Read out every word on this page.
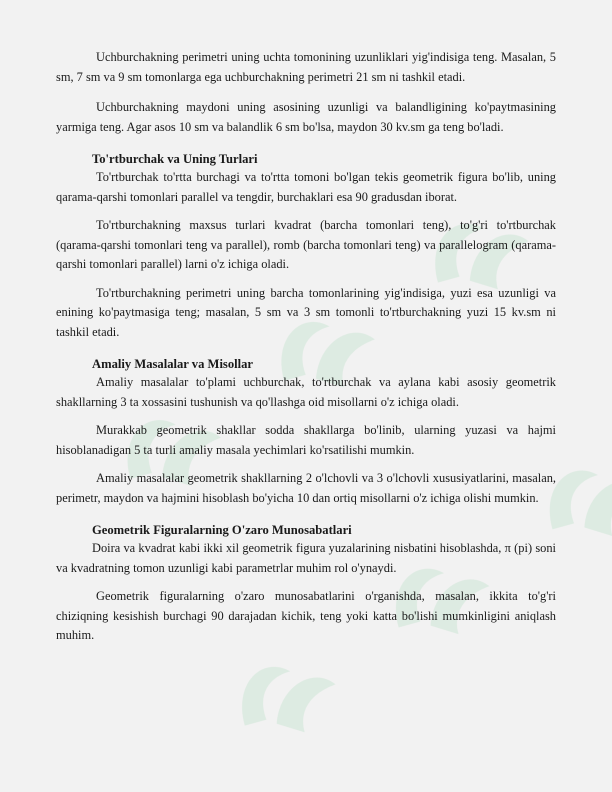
Uchburchakning perimetri uning uchta tomonining uzunliklari yig'indisiga teng. Masalan, 5 sm, 7 sm va 9 sm tomonlarga ega uchburchakning perimetri 21 sm ni tashkil etadi.

Uchburchakning maydoni uning asosining uzunligi va balandligining ko'paytmasining yarmiga teng. Agar asos 10 sm va balandlik 6 sm bo'lsa, maydon 30 kv.sm ga teng bo'ladi.

To'rtburchak va Uning Turlari

To'rtburchak to'rtta burchagi va to'rtta tomoni bo'lgan tekis geometrik figura bo'lib, uning qarama-qarshi tomonlari parallel va tengdir, burchaklari esa 90 gradusdan iborat.

To'rtburchakning maxsus turlari kvadrat (barcha tomonlari teng), to'g'ri to'rtburchak (qarama-qarshi tomonlari teng va parallel), romb (barcha tomonlari teng) va parallelogram (qarama-qarshi tomonlari parallel) larni o'z ichiga oladi.

To'rtburchakning perimetri uning barcha tomonlarining yig'indisiga, yuzi esa uzunligi va enining ko'paytmasiga teng; masalan, 5 sm va 3 sm tomonli to'rtburchakning yuzi 15 kv.sm ni tashkil etadi.

Amaliy Masalalar va Misollar

Amaliy masalalar to'plami uchburchak, to'rtburchak va aylana kabi asosiy geometrik shakllarning 3 ta xossasini tushunish va qo'llashga oid misollarni o'z ichiga oladi.

Murakkab geometrik shakllar sodda shakllarga bo'linib, ularning yuzasi va hajmi hisoblanadigan 5 ta turli amaliy masala yechimlari ko'rsatilishi mumkin.

Amaliy masalalar geometrik shakllarning 2 o'lchovli va 3 o'lchovli xususiyatlarini, masalan, perimetr, maydon va hajmini hisoblash bo'yicha 10 dan ortiq misollarni o'z ichiga olishi mumkin.

Geometrik Figuralarning O'zaro Munosabatlari

Doira va kvadrat kabi ikki xil geometrik figura yuzalarining nisbatini hisoblashda, π (pi) soni va kvadratning tomon uzunligi kabi parametrlar muhim rol o'ynaydi.

Geometrik figuralarning o'zaro munosabatlarini o'rganishda, masalan, ikkita to'g'ri chiziqning kesishish burchagi 90 darajadan kichik, teng yoki katta bo'lishi mumkinligini aniqlash muhim.
